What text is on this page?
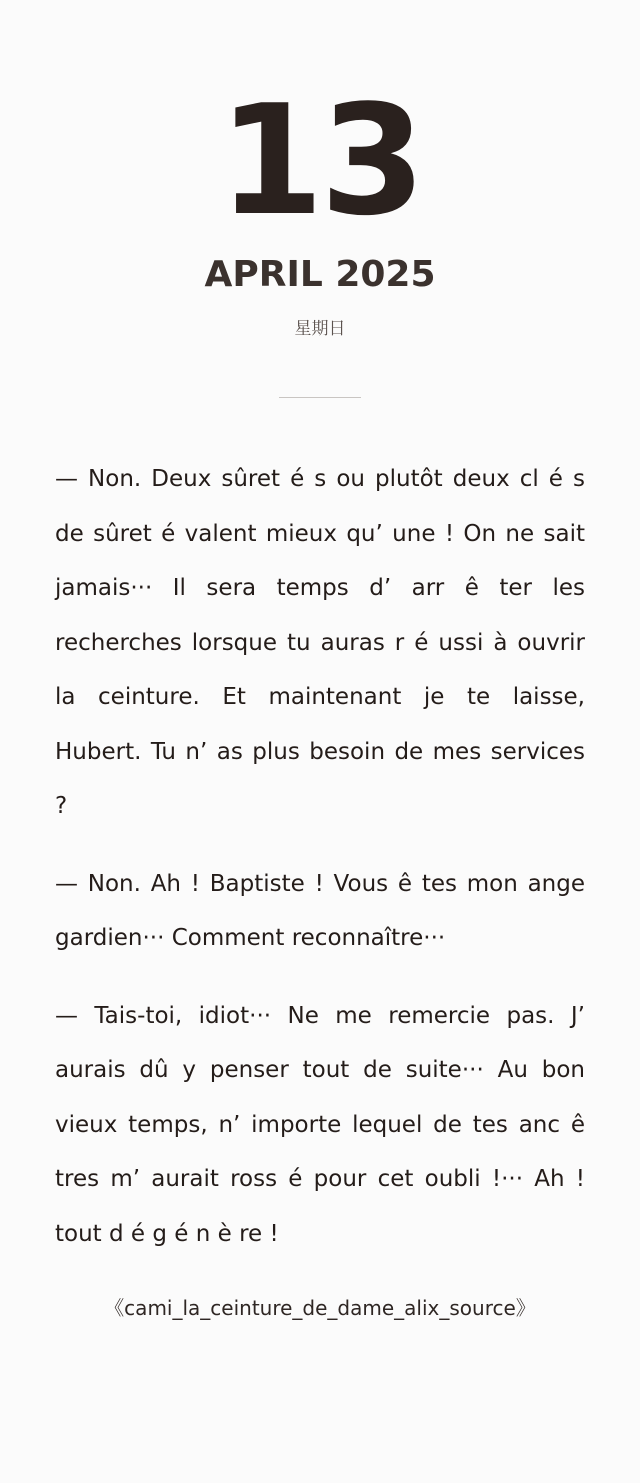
13
APRIL 2025
星期日

— Non. Deux sûret é s ou plutôt deux cl é s de sûret é valent mieux qu’ une ! On ne sait jamais··· Il sera temps d’ arr ê ter les recherches lorsque tu auras r é ussi à ouvrir la ceinture. Et maintenant je te laisse, Hubert. Tu n’ as plus besoin de mes services ?

— Non. Ah ! Baptiste ! Vous ê tes mon ange gardien··· Comment reconnaître···

— Tais-toi, idiot··· Ne me remercie pas. J’ aurais dû y penser tout de suite··· Au bon vieux temps, n’ importe lequel de tes anc ê tres m’ aurait ross é pour cet oubli !··· Ah ! tout d é g é n è re !

《cami_la_ceinture_de_dame_alix_source》
